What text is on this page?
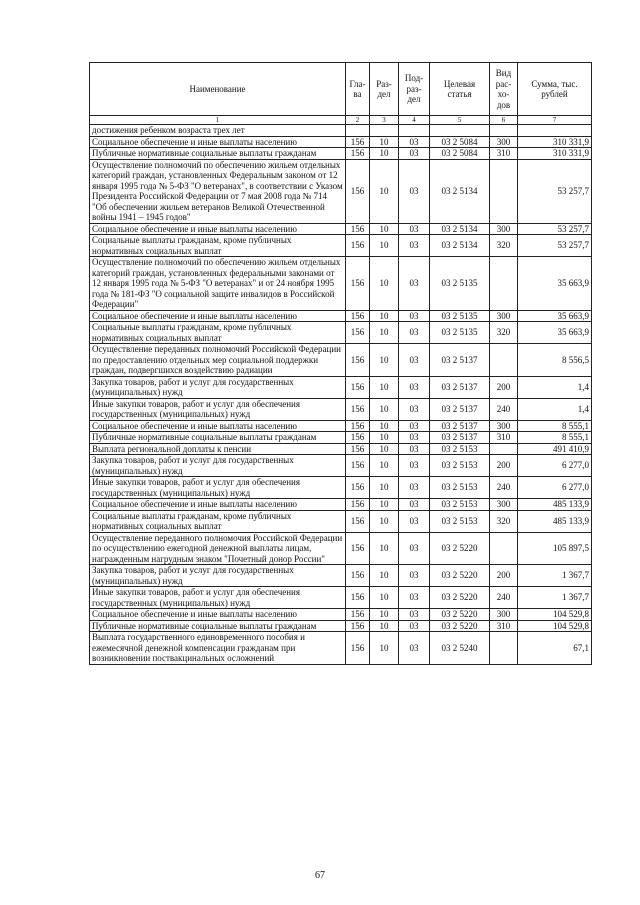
Наименование	Гла-ва	Раз-дел	Под-раз-дел	Целевая статья	Вид рас-хо-дов	Сумма, тыс. рублей
1	2	3	4	5	6	7
достижения ребенком возраста трех лет						
Социальное обеспечение и иные выплаты населению	156	10	03	03 2 5084	300	310 331,9
Публичные нормативные социальные выплаты гражданам	156	10	03	03 2 5084	310	310 331,9
Осуществление полномочий по обеспечению жильем отдельных категорий граждан, установленных Федеральным законом от 12 января 1995 года № 5-ФЗ "О ветеранах", в соответствии с Указом Президента Российской Федерации от 7 мая 2008 года № 714 "Об обеспечении жильем ветеранов Великой Отечественной войны 1941 – 1945 годов"	156	10	03	03 2 5134		53 257,7
Социальное обеспечение и иные выплаты населению	156	10	03	03 2 5134	300	53 257,7
Социальные выплаты гражданам, кроме публичных нормативных социальных выплат	156	10	03	03 2 5134	320	53 257,7
Осуществление полномочий по обеспечению жильем отдельных категорий граждан, установленных федеральными законами от 12 января 1995 года № 5-ФЗ "О ветеранах" и от 24 ноября 1995 года № 181-ФЗ "О социальной защите инвалидов в Российской Федерации"	156	10	03	03 2 5135		35 663,9
Социальное обеспечение и иные выплаты населению	156	10	03	03 2 5135	300	35 663,9
Социальные выплаты гражданам, кроме публичных нормативных социальных выплат	156	10	03	03 2 5135	320	35 663,9
Осуществление переданных полномочий Российской Федерации по предоставлению отдельных мер социальной поддержки граждан, подвергшихся воздействию радиации	156	10	03	03 2 5137		8 556,5
Закупка товаров, работ и услуг для государственных (муниципальных) нужд	156	10	03	03 2 5137	200	1,4
Иные закупки товаров, работ и услуг для обеспечения государственных (муниципальных) нужд	156	10	03	03 2 5137	240	1,4
Социальное обеспечение и иные выплаты населению	156	10	03	03 2 5137	300	8 555,1
Публичные нормативные социальные выплаты гражданам	156	10	03	03 2 5137	310	8 555,1
Выплата региональной доплаты к пенсии	156	10	03	03 2 5153		491 410,9
Закупка товаров, работ и услуг для государственных (муниципальных) нужд	156	10	03	03 2 5153	200	6 277,0
Иные закупки товаров, работ и услуг для обеспечения государственных (муниципальных) нужд	156	10	03	03 2 5153	240	6 277,0
Социальное обеспечение и иные выплаты населению	156	10	03	03 2 5153	300	485 133,9
Социальные выплаты гражданам, кроме публичных нормативных социальных выплат	156	10	03	03 2 5153	320	485 133,9
Осуществление переданного полномочия Российской Федерации по осуществлению ежегодной денежной выплаты лицам, награжденным нагрудным знаком "Почетный донор России"	156	10	03	03 2 5220		105 897,5
Закупка товаров, работ и услуг для государственных (муниципальных) нужд	156	10	03	03 2 5220	200	1 367,7
Иные закупки товаров, работ и услуг для обеспечения государственных (муниципальных) нужд	156	10	03	03 2 5220	240	1 367,7
Социальное обеспечение и иные выплаты населению	156	10	03	03 2 5220	300	104 529,8
Публичные нормативные социальные выплаты гражданам	156	10	03	03 2 5220	310	104 529,8
Выплата государственного единовременного пособия и ежемесячной денежной компенсации гражданам при возникновении поствакцинальных осложнений	156	10	03	03 2 5240		67,1
67
